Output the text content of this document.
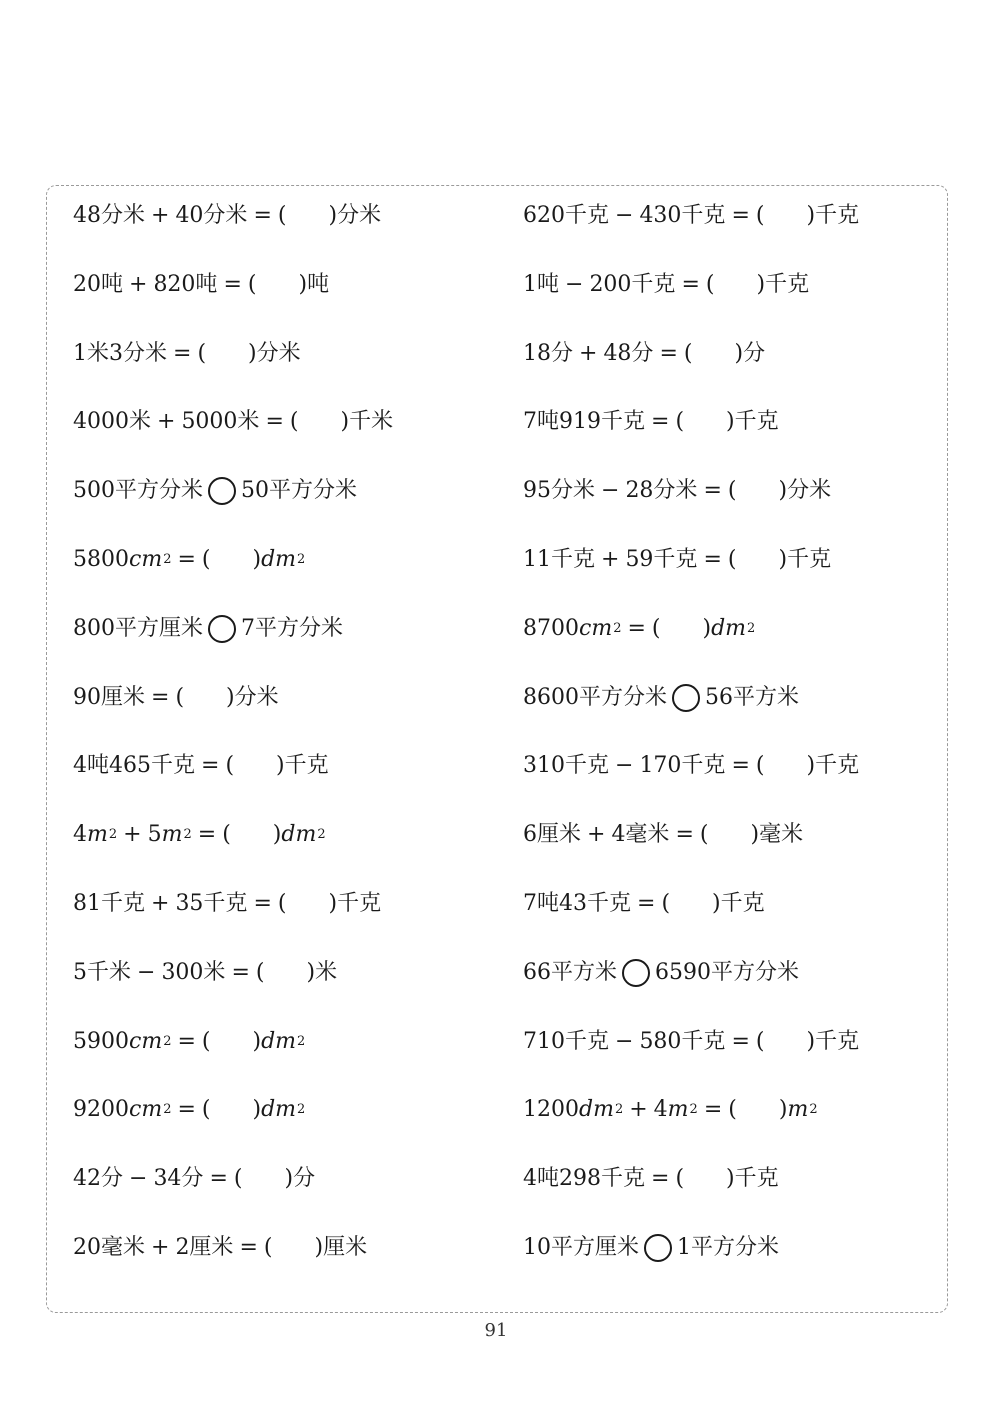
48分米 + 40分米 = ( ) 分米
20吨 + 820吨 = ( ) 吨
1米3分米 = ( ) 分米
4000米 + 5000米 = ( ) 千米
500平方分米 50平方分米
5800 cm 2 = ( ) dm 2
800平方厘米 7平方分米
90厘米 = ( ) 分米
4吨465千克 = ( ) 千克
4 m 2 + 5 m 2 = ( ) dm 2
81千克 + 35千克 = ( ) 千克
5千米 − 300米 = ( ) 米
5900 cm 2 = ( ) dm 2
9200 cm 2 = ( ) dm 2
42分 − 34分 = ( ) 分
20毫米 + 2厘米 = ( ) 厘米
620千克 − 430千克 = ( ) 千克
1吨 − 200千克 = ( ) 千克
18分 + 48分 = ( ) 分
7吨919千克 = ( ) 千克
95分米 − 28分米 = ( ) 分米
11千克 + 59千克 = ( ) 千克
8700 cm 2 = ( ) dm 2
8600平方分米 56平方米
310千克 − 170千克 = ( ) 千克
6厘米 + 4毫米 = ( ) 毫米
7吨43千克 = ( ) 千克
66平方米 6590平方分米
710千克 − 580千克 = ( ) 千克
1200 dm 2 + 4 m 2 = ( ) m 2
4吨298千克 = ( ) 千克
10平方厘米 1平方分米
91
